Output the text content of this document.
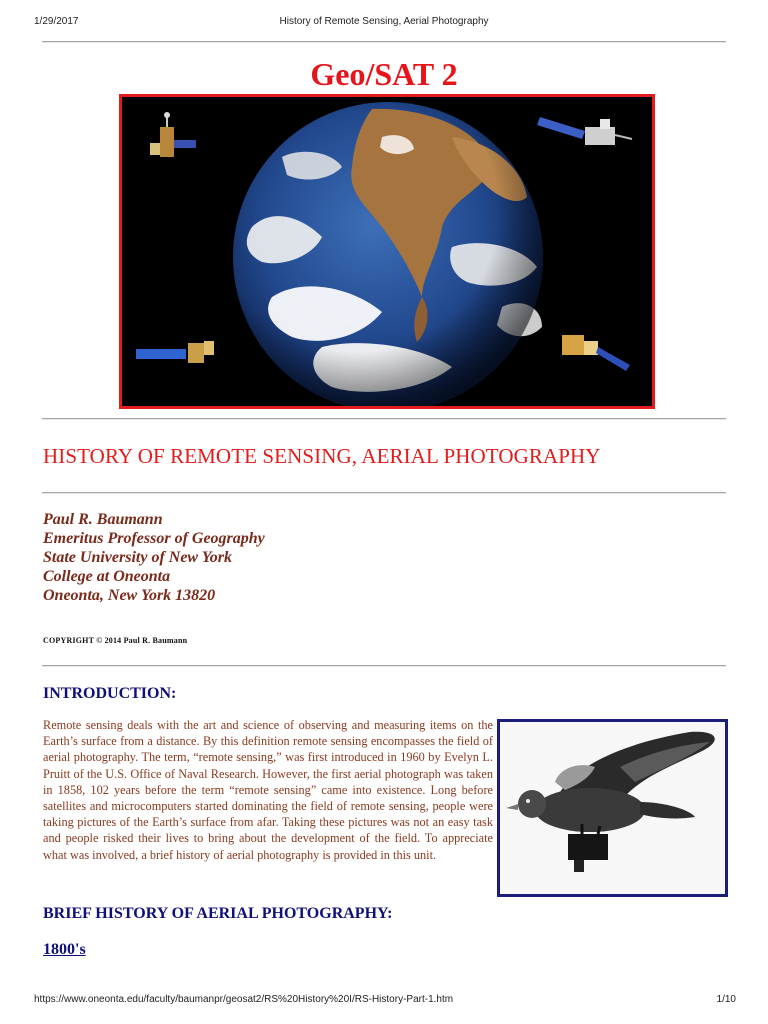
1/29/2017	History of Remote Sensing, Aerial Photography
Geo/SAT 2
HISTORY OF REMOTE SENSING, AERIAL PHOTOGRAPHY
Paul R. Baumann
Emeritus Professor of Geography
State University of New York
College at Oneonta
Oneonta, New York 13820
COPYRIGHT © 2014 Paul R. Baumann
INTRODUCTION:

Remote sensing deals with the art and science of observing and measuring items on the Earth’s surface from a distance. By this definition remote sensing encompasses the field of aerial photography. The term, “remote sensing,” was first introduced in 1960 by Evelyn L. Pruitt of the U.S. Office of Naval Research. However, the first aerial photograph was taken in 1858, 102 years before the term “remote sensing” came into existence. Long before satellites and microcomputers started dominating the field of remote sensing, people were taking pictures of the Earth’s surface from afar. Taking these pictures was not an easy task and people risked their lives to bring about the development of the field. To appreciate what was involved, a brief history of aerial photography is provided in this unit.

BRIEF HISTORY OF AERIAL PHOTOGRAPHY:
1800's
https://www.oneonta.edu/faculty/baumanpr/geosat2/RS%20History%20I/RS-History-Part-1.htm	1/10
